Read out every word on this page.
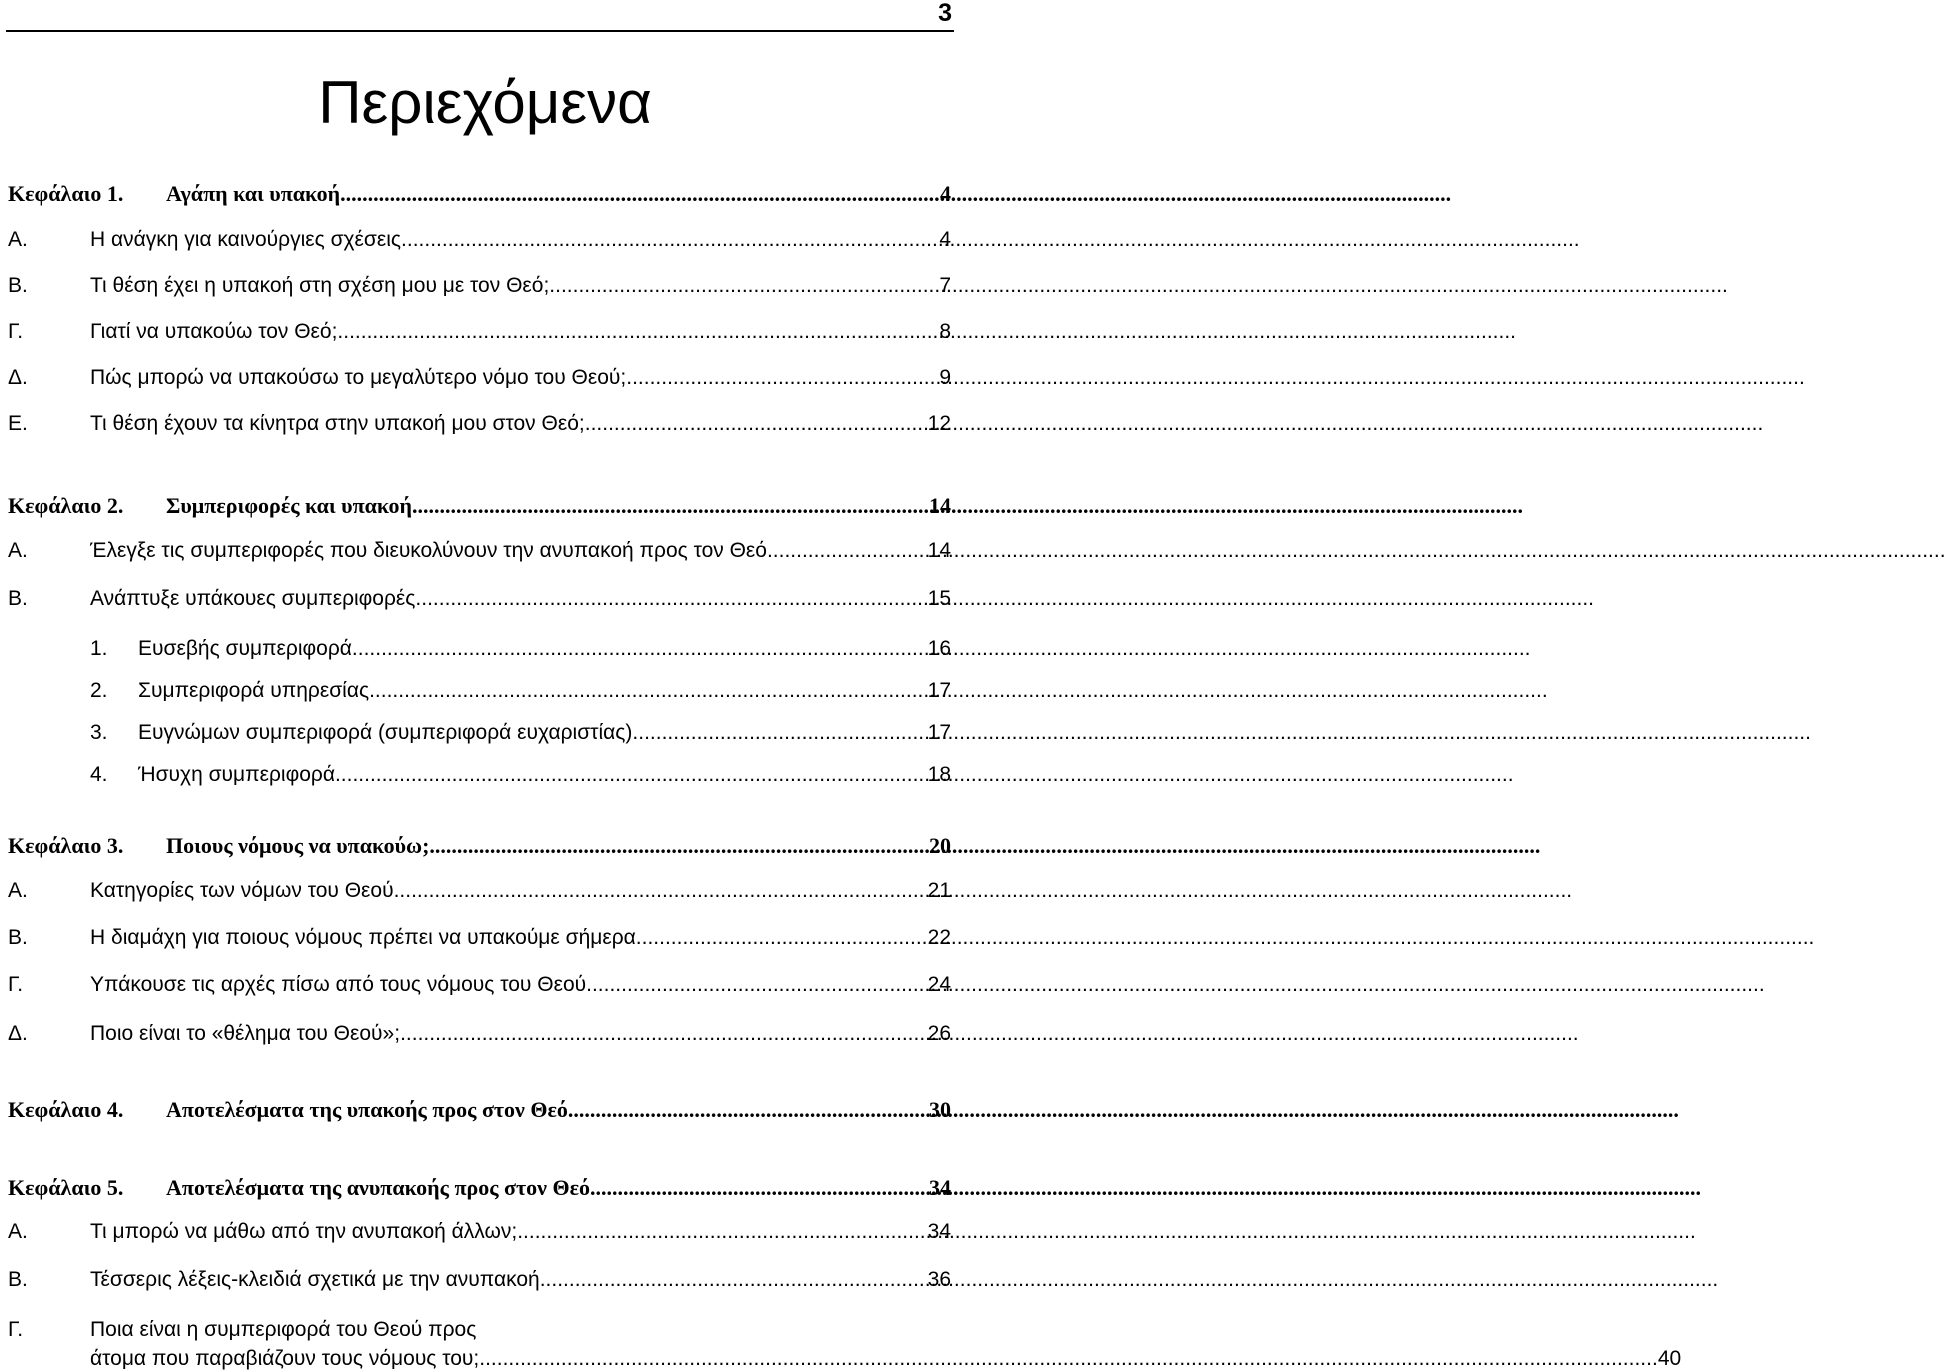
3
Περιεχόμενα
Κεφάλαιο 1.	Αγάπη και υπακοή .....	4
Α.	Η ανάγκη για καινούργιες σχέσεις .....	4
Β.	Τι θέση έχει η υπακοή στη σχέση μου με τον Θεό; .....	7
Γ.	Γιατί να υπακούω τον Θεό; .....	8
Δ.	Πώς μπορώ να υπακούσω το μεγαλύτερο νόμο του Θεού; .....	9
Ε.	Τι θέση έχουν τα κίνητρα στην υπακοή μου στον Θεό; .....	12
Κεφάλαιο 2.	Συμπεριφορές και υπακοή .....	14
Α.	Έλεγξε τις συμπεριφορές που διευκολύνουν την ανυπακοή προς τον Θεό .....	14
Β.	Ανάπτυξε υπάκουες συμπεριφορές .....	15
1.	Ευσεβής συμπεριφορά .....	16
2.	Συμπεριφορά υπηρεσίας .....	17
3.	Ευγνώμων συμπεριφορά (συμπεριφορά ευχαριστίας) .....	17
4.	Ήσυχη συμπεριφορά .....	18
Κεφάλαιο 3.	Ποιους νόμους να υπακούω; .....	20
Α.	Κατηγορίες των νόμων του Θεού .....	21
Β.	Η διαμάχη για ποιους νόμους πρέπει να υπακούμε σήμερα .....	22
Γ.	Υπάκουσε τις αρχές πίσω από τους νόμους του Θεού .....	24
Δ.	Ποιο είναι το «θέλημα του Θεού»; .....	26
Κεφάλαιο 4.	Αποτελέσματα της υπακοής προς στον Θεό .....	30
Κεφάλαιο 5.	Αποτελέσματα της ανυπακοής προς στον Θεό .....	34
Α.	Τι μπορώ να μάθω από την ανυπακοή άλλων; .....	34
Β.	Τέσσερις λέξεις-κλειδιά σχετικά με την ανυπακοή .....	36
Γ.	Ποια είναι η συμπεριφορά του Θεού προς
άτομα που παραβιάζουν τους νόμους του; .....	40
